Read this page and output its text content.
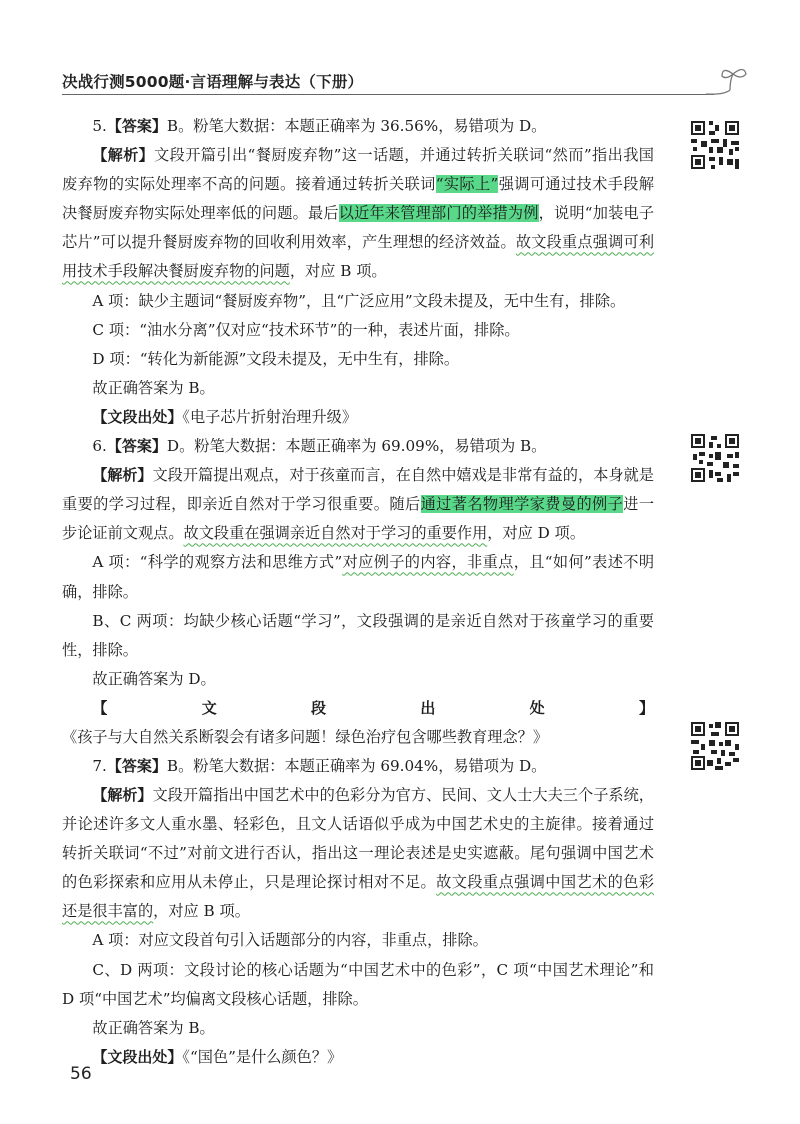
决战行测5000题·言语理解与表达（下册）

5.【答案】B。粉笔大数据：本题正确率为 36.56%，易错项为 D。

【解析】文段开篇引出“餐厨废弃物”这一话题，并通过转折关联词“然而”指出我国废弃物的实际处理率不高的问题。接着通过转折关联词“实际上”强调可通过技术手段解决餐厨废弃物实际处理率低的问题。最后以近年来管理部门的举措为例，说明“加装电子芯片”可以提升餐厨废弃物的回收利用效率，产生理想的经济效益。故文段重点强调可利用技术手段解决餐厨废弃物的问题，对应 B 项。

A 项：缺少主题词“餐厨废弃物”，且“广泛应用”文段未提及，无中生有，排除。

C 项：“油水分离”仅对应“技术环节”的一种，表述片面，排除。

D 项：“转化为新能源”文段未提及，无中生有，排除。

故正确答案为 B。

【文段出处】《电子芯片折射治理升级》

6.【答案】D。粉笔大数据：本题正确率为 69.09%，易错项为 B。

【解析】文段开篇提出观点，对于孩童而言，在自然中嬉戏是非常有益的，本身就是重要的学习过程，即亲近自然对于学习很重要。随后通过著名物理学家费曼的例子进一步论证前文观点。故文段重在强调亲近自然对于学习的重要作用，对应 D 项。

A 项：“科学的观察方法和思维方式”对应例子的内容，非重点，且“如何”表述不明确，排除。

B、C 两项：均缺少核心话题“学习”，文段强调的是亲近自然对于孩童学习的重要性，排除。

故正确答案为 D。

【文段出处】《孩子与大自然关系断裂会有诸多问题！绿色治疗包含哪些教育理念？》

7.【答案】B。粉笔大数据：本题正确率为 69.04%，易错项为 D。

【解析】文段开篇指出中国艺术中的色彩分为官方、民间、文人士大夫三个子系统，并论述许多文人重水墨、轻彩色，且文人话语似乎成为中国艺术史的主旋律。接着通过转折关联词“不过”对前文进行否认，指出这一理论表述是史实遮蔽。尾句强调中国艺术的色彩探索和应用从未停止，只是理论探讨相对不足。故文段重点强调中国艺术的色彩还是很丰富的，对应 B 项。

A 项：对应文段首句引入话题部分的内容，非重点，排除。

C、D 两项：文段讨论的核心话题为“中国艺术中的色彩”，C 项“中国艺术理论”和 D 项“中国艺术”均偏离文段核心话题，排除。

故正确答案为 B。

【文段出处】《“国色”是什么颜色？》

56
